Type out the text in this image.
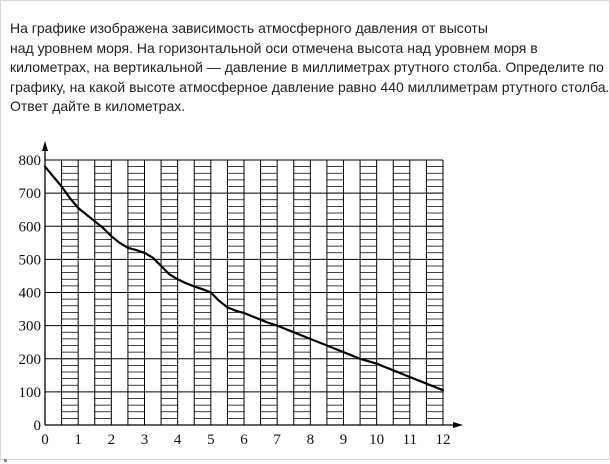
На графике изображена зависимость атмосферного давления от высоты
над уровнем моря. На горизонтальной оси отмечена высота над уровнем моря в
километрах, на вертикальной — давление в миллиметрах ртутного столба. Определите по
графику, на какой высоте атмосферное давление равно 440 миллиметрам ртутного столба.
Ответ дайте в километрах.
0
100
200
300
400
500
600
700
800
0 1 2 3 4 5 6 7 8 9 10 11 12
